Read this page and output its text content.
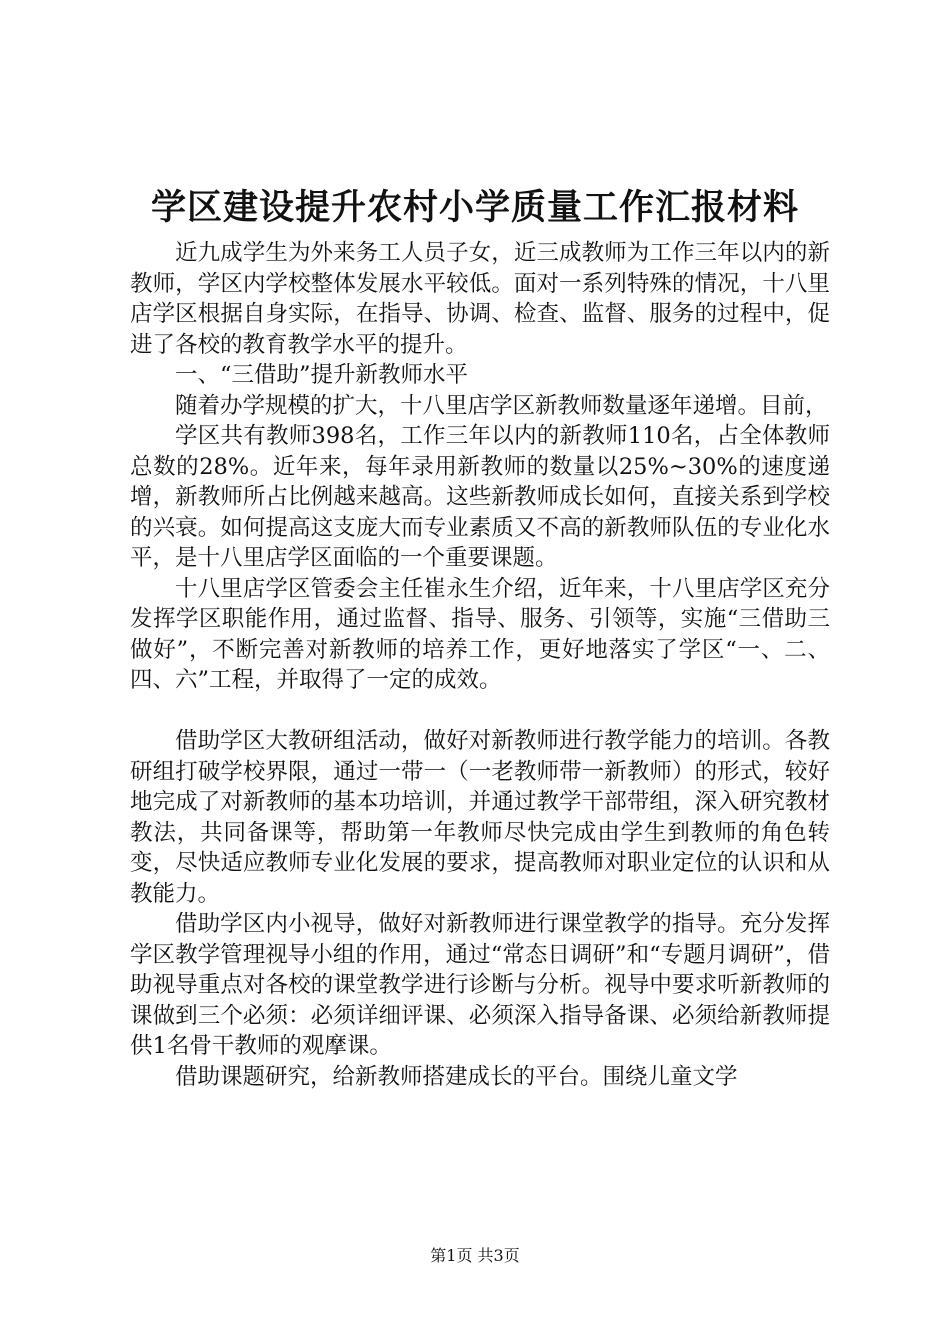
学区建设提升农村小学质量工作汇报材料

近九成学生为外来务工人员子女，近三成教师为工作三年以内的新教师，学区内学校整体发展水平较低。面对一系列特殊的情况，十八里店学区根据自身实际，在指导、协调、检查、监督、服务的过程中，促进了各校的教育教学水平的提升。

一、“三借助”提升新教师水平

随着办学规模的扩大，十八里店学区新教师数量逐年递增。目前，

学区共有教师398名，工作三年以内的新教师110名，占全体教师总数的28%。近年来，每年录用新教师的数量以25%~30%的速度递增，新教师所占比例越来越高。这些新教师成长如何，直接关系到学校的兴衰。如何提高这支庞大而专业素质又不高的新教师队伍的专业化水平，是十八里店学区面临的一个重要课题。

十八里店学区管委会主任崔永生介绍，近年来，十八里店学区充分发挥学区职能作用，通过监督、指导、服务、引领等，实施“三借助三做好”，不断完善对新教师的培养工作，更好地落实了学区“一、二、四、六”工程，并取得了一定的成效。

借助学区大教研组活动，做好对新教师进行教学能力的培训。各教研组打破学校界限，通过一带一（一老教师带一新教师）的形式，较好地完成了对新教师的基本功培训，并通过教学干部带组，深入研究教材教法，共同备课等，帮助第一年教师尽快完成由学生到教师的角色转变，尽快适应教师专业化发展的要求，提高教师对职业定位的认识和从教能力。

借助学区内小视导，做好对新教师进行课堂教学的指导。充分发挥学区教学管理视导小组的作用，通过“常态日调研”和“专题月调研”，借助视导重点对各校的课堂教学进行诊断与分析。视导中要求听新教师的课做到三个必须：必须详细评课、必须深入指导备课、必须给新教师提供1名骨干教师的观摩课。

借助课题研究，给新教师搭建成长的平台。围绕儿童文学

第1页 共3页
